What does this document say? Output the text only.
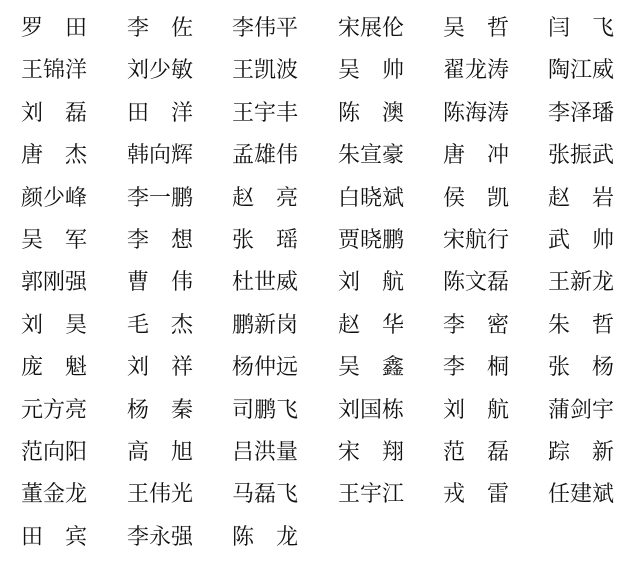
罗田 李佐 李伟平 宋展伦 吴哲 闫飞
王锦洋 刘少敏 王凯波 吴帅 翟龙涛 陶江威
刘磊 田洋 王宇丰 陈澳 陈海涛 李泽璠
唐杰 韩向辉 孟雄伟 朱宣豪 唐冲 张振武
颜少峰 李一鹏 赵亮 白晓斌 侯凯 赵岩
吴军 李想 张瑶 贾晓鹏 宋航行 武帅
郭刚强 曹伟 杜世威 刘航 陈文磊 王新龙
刘昊 毛杰 鹏新岗 赵华 李密 朱哲
庞魁 刘祥 杨仲远 吴鑫 李桐 张杨
元方亮 杨秦 司鹏飞 刘国栋 刘航 蒲剑宇
范向阳 高旭 吕洪量 宋翔 范磊 踪新
董金龙 王伟光 马磊飞 王宇江 戎雷 任建斌
田宾 李永强 陈龙
